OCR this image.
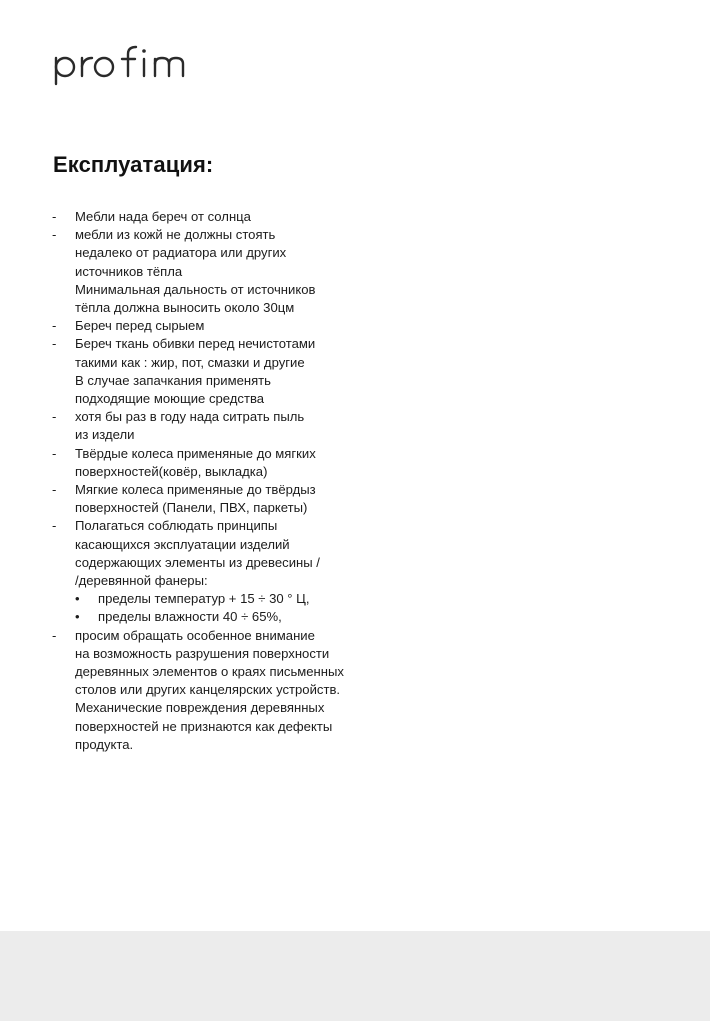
Експлуатация:
- Мебли нада береч от солнца
- мебли из кожй не должны стоять
недалеко от радиатора или других
источников тёпла
Минимальная дальность от источников
тёпла должна выносить около 30цм
- Береч перед сырыем
- Береч ткань обивки перед нечистотами
такими как : жир, пот, смазки и другие
В случае запачкания применять
подходящие моющие средства
- хотя бы раз в году нада ситрать пыль
из издели
- Твёрдые колеса применяные до мягких
поверхностей(ковёр, выкладка)
- Мягкие колеса применяные до твёрдыз
поверхностей (Панели, ПВХ, паркеты)
- Полагаться соблюдать принципы
касающихся эксплуатации изделий
содержающих элементы из древесины /
/деревянной фанеры:
• пределы температур + 15 ÷ 30 ° Ц,
• пределы влажности 40 ÷ 65%,
- просим обращать особенное внимание
на возможность разрушения поверхности
деревянных элементов о краях письменных
столов или других канцелярских устройств.
Механические повреждения деревянных
поверхностей не признаются как дефекты
продукта.
